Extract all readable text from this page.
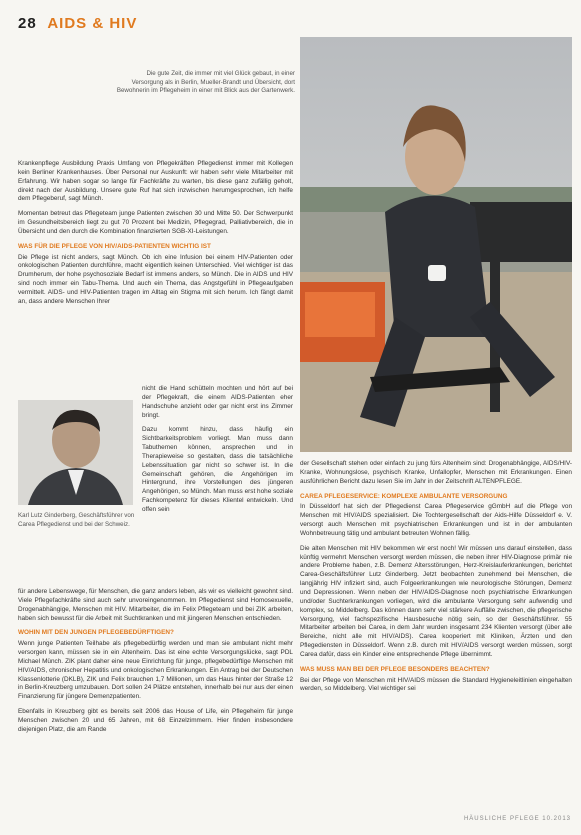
28 AIDS & HIV
Die gute Zeit, die immer mit viel Glück gebaut, in einer Versorgung als in Berlin, Mueller-Brandt und Übersicht, dort Bewohnerin im Pflegeheim in einer mit Blick aus der Gartenwerk.

Krankenpflege Ausbildung Praxis Umfang von Pflegekräften Pflegedienst immer mit Kollegen kein Berliner Krankenhauses. Über Personal nur Auskunft: wir haben sehr viele Mitarbeiter mit Erfahrung. Wir haben sogar so lange für Fachkräfte zu warten, bis diese ganz zufällig geholt, direkt nach der Ausbildung. Unsere gute Ruf hat sich inzwischen herumgesprochen, ich helfe dem Pflegeberuf, sagt Münch.

Momentan betreut das Pflegeteam junge Patienten zwischen 30 und Mitte 50. Der Schwerpunkt im Gesundheitsbereich liegt zu gut 70 Prozent bei Medizin, Pflegegrad, Palliativbereich, die in Übersicht und den durch die Kombination finanzierten SGB-XI-Leistungen.

WAS FÜR DIE PFLEGE VON HIV/AIDS-PATIENTEN WICHTIG IST

Die Pflege ist nicht anders, sagt Münch. Ob ich eine Infusion bei einem HIV-Patienten oder onkologischen Patienten durchführe, macht eigentlich keinen Unterschied. Viel wichtiger ist das Drumherum, der hohe psychosoziale Bedarf ist immens anders, so Münch. Die in AIDS und HIV sind noch immer ein Tabu-Thema. Und auch ein Thema, das Angstgefühl in Pflegeaufgaben vermittelt. AIDS- und HIV-Patienten tragen im Alltag ein Stigma mit sich herum. Ich fängt damit an, dass andere Menschen Ihrer

Karl Lutz Ginderberg, Geschäftsführer von Carea Pflegedienst und bei der Schweiz.

nicht die Hand schütteln mochten und hört auf bei der Pflegekraft, die einem AIDS-Patienten eher Handschuhe anzieht oder gar nicht erst ins Zimmer bringt.

Dazu kommt hinzu, dass häufig ein Sichtbarkeitsproblem vorliegt. Man muss dann Tabuthemen können, ansprechen und in Therapieweise so gestalten, dass die tatsächliche Lebenssituation gar nicht so schwer ist. In die Gemeinschaft gehören, die Angehörigen im Hintergrund, ihre Vorstellungen des jüngeren Angehörigen, so Münch. Man muss erst hohe soziale Fachkompetenz für dieses Klientel entwickeln. Und offen sein

für andere Lebenswege, für Menschen, die ganz anders leben, als wir es vielleicht gewohnt sind. Viele Pflegefachkräfte sind auch sehr unvoreingenommen. Im Pflegedienst sind Homosexuelle, Drogenabhängige, Menschen mit HIV. Mitarbeiter, die im Felix Pflegeteam und bei ZIK arbeiten, haben sich bewusst für die Arbeit mit Suchtkranken und mit jüngeren Menschen entschieden.

WOHIN MIT DEN JUNGEN PFLEGEBEDÜRFTIGEN?

Wenn junge Patienten Teilhabe als pflegebedürftig werden und man sie ambulant nicht mehr versorgen kann, müssen sie in ein Altenheim. Das ist eine echte Versorgungslücke, sagt PDL Michael Münch. ZIK plant daher eine neue Einrichtung für junge, pflegebedürftige Menschen mit HIV/AIDS, chronischer Hepatitis und onkologischen Erkrankungen. Ein Antrag bei der Deutschen Klassenlotterie (DKLB), ZIK und Felix brauchen 1,7 Millionen, um das Haus hinter der Straße 12 in Berlin-Kreuzberg umzubauen. Dort sollen 24 Plätze entstehen, innerhalb bei nur aus der einen Finanzierung für jüngere Demenzpatienten.

Ebenfalls in Kreuzberg gibt es bereits seit 2006 das House of Life, ein Pflegeheim für junge Menschen zwischen 20 und 65 Jahren, mit 68 Einzelzimmern. Hier finden insbesondere diejenigen Platz, die am Rande

der Gesellschaft stehen oder einfach zu jung fürs Altenheim sind: Drogenabhängige, AIDS/HIV-Kranke, Wohnungslose, psychisch Kranke, Unfallopfer, Menschen mit Erkrankungen. Einen ausführlichen Bericht dazu lesen Sie im Jahr in der Zeitschrift ALTENPFLEGE.

CAREA PFLEGESERVICE: KOMPLEXE AMBULANTE VERSORGUNG

In Düsseldorf hat sich der Pflegedienst Carea Pflegeservice gGmbH auf die Pflege von Menschen mit HIV/AIDS spezialisiert. Die Tochtergesellschaft der Aids-Hilfe Düsseldorf e. V. versorgt auch Menschen mit psychiatrischen Erkrankungen und ist in der ambulanten Wohnbetreuung tätig und ambulant betreuten Wohnen fällig.

Die alten Menschen mit HIV bekommen wir erst noch! Wir müssen uns darauf einstellen, dass künftig vermehrt Menschen versorgt werden müssen, die neben ihrer HIV-Diagnose primär nie andere Probleme haben, z.B. Demenz Altersstörungen, Herz-Kreislauferkrankungen, berichtet Carea-Geschäftsführer Lutz Ginderberg. Jetzt beobachten zunehmend bei Menschen, die langjährig HIV infiziert sind, auch Folgeerkrankungen wie neurologische Störungen, Demenz und Depressionen. Wenn neben der HIV/AIDS-Diagnose noch psychiatrische Erkrankungen und/oder Suchterkrankungen vorliegen, wird die ambulante Versorgung sehr aufwendig und komplex, so Middelberg. Das können dann sehr viel stärkere Auffälle zwischen, die pflegerische Versorgung, viel fachspezifische Hausbesuche nötig sein, so der Geschäftsführer. 55 Mitarbeiter arbeiten bei Carea, in dem Jahr wurden insgesamt 234 Klienten versorgt (über alle Bereiche, nicht alle mit HIV/AIDS). Carea kooperiert mit Kliniken, Ärzten und den Pflegediensten in Düsseldorf. Wenn z.B. durch mit HIV/AIDS versorgt werden müssen, sorgt Carea dafür, dass ein Kinder eine entsprechende Pflege übernimmt.

WAS MUSS MAN BEI DER PFLEGE BESONDERS BEACHTEN?

Bei der Pflege von Menschen mit HIV/AIDS müssen die Standard Hygieneleitlinien eingehalten werden, so Middelberg. Viel wichtiger sei

HÄUSLICHE PFLEGE 10.2013
